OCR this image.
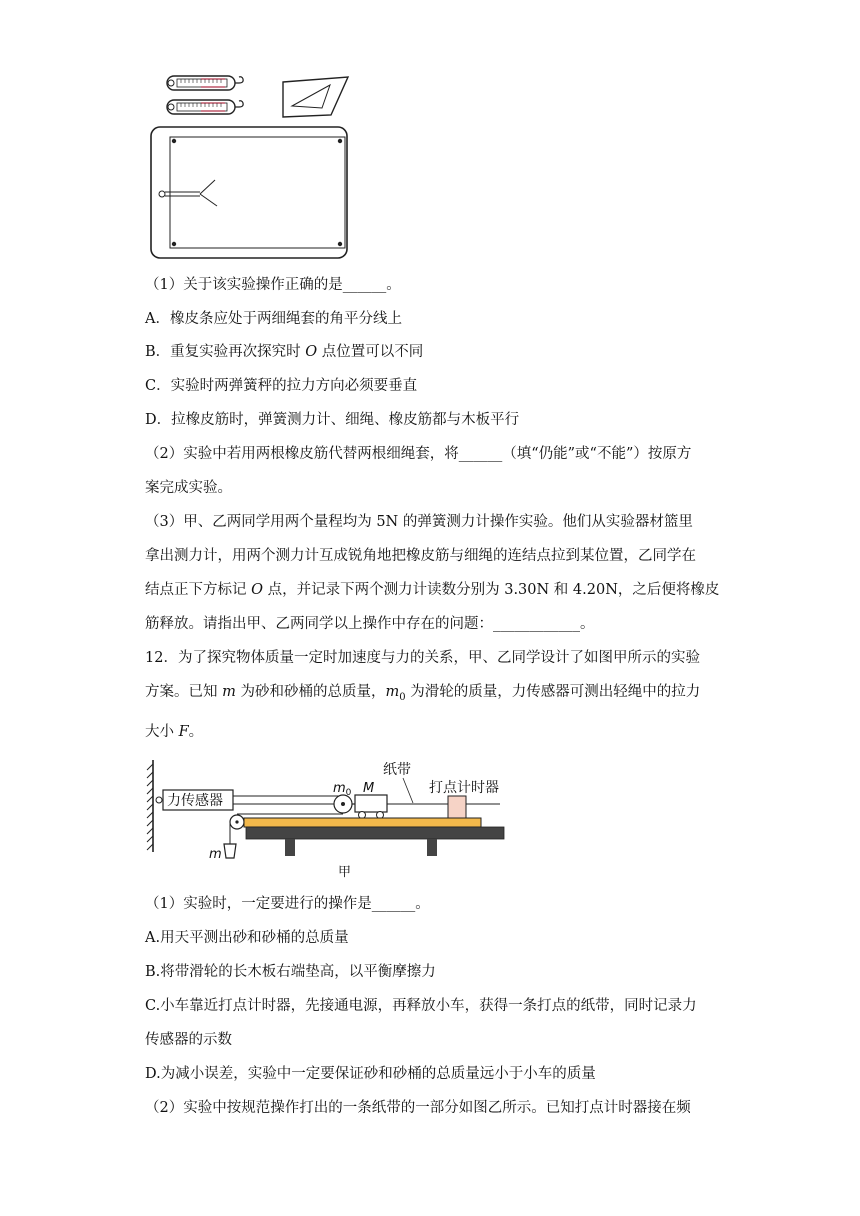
（1）关于该实验操作正确的是______。
A．橡皮条应处于两细绳套的角平分线上
B．重复实验再次探究时 O 点位置可以不同
C．实验时两弹簧秤的拉力方向必须要垂直
D．拉橡皮筋时，弹簧测力计、细绳、橡皮筋都与木板平行
（2）实验中若用两根橡皮筋代替两根细绳套，将______（填“仍能”或“不能”）按原方
案完成实验。
（3）甲、乙两同学用两个量程均为 5N 的弹簧测力计操作实验。他们从实验器材篮里
拿出测力计，用两个测力计互成锐角地把橡皮筋与细绳的连结点拉到某位置，乙同学在
结点正下方标记 O 点，并记录下两个测力计读数分别为 3.30N 和 4.20N，之后便将橡皮
筋释放。请指出甲、乙两同学以上操作中存在的问题：____________。
12．为了探究物体质量一定时加速度与力的关系，甲、乙同学设计了如图甲所示的实验
方案。已知 m 为砂和砂桶的总质量，$m_0$ 为滑轮的质量，力传感器可测出轻绳中的拉力
大小 F。
力传感器
m
$m_0$ M
纸带
打点计时器
甲
（1）实验时，一定要进行的操作是______。
A.用天平测出砂和砂桶的总质量
B.将带滑轮的长木板右端垫高，以平衡摩擦力
C.小车靠近打点计时器，先接通电源，再释放小车，获得一条打点的纸带，同时记录力
传感器的示数
D.为减小误差，实验中一定要保证砂和砂桶的总质量远小于小车的质量
（2）实验中按规范操作打出的一条纸带的一部分如图乙所示。已知打点计时器接在频
